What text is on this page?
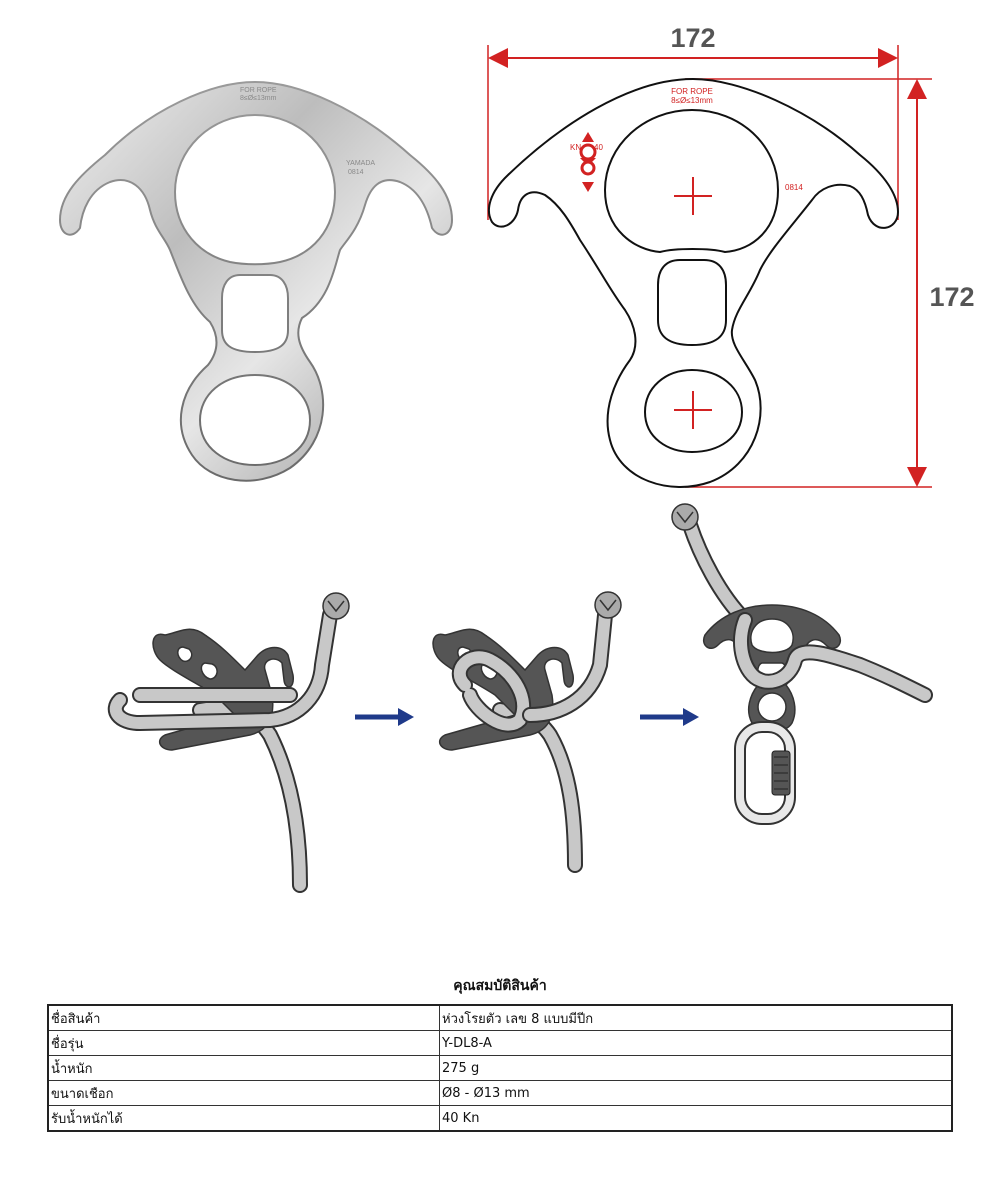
FOR ROPE
8≤Ø≤13mm
YAMADA
0814
172
172
FOR ROPE
8≤Ø≤13mm
KN 40
0814
คุณสมบัติสินค้า
ชื่อสินค้า	ห่วงโรยตัว เลข 8 แบบมีปีก
ชื่อรุ่น	Y-DL8-A
น้ำหนัก	275 g
ขนาดเชือก	Ø8 - Ø13 mm
รับน้ำหนักได้	40 Kn
